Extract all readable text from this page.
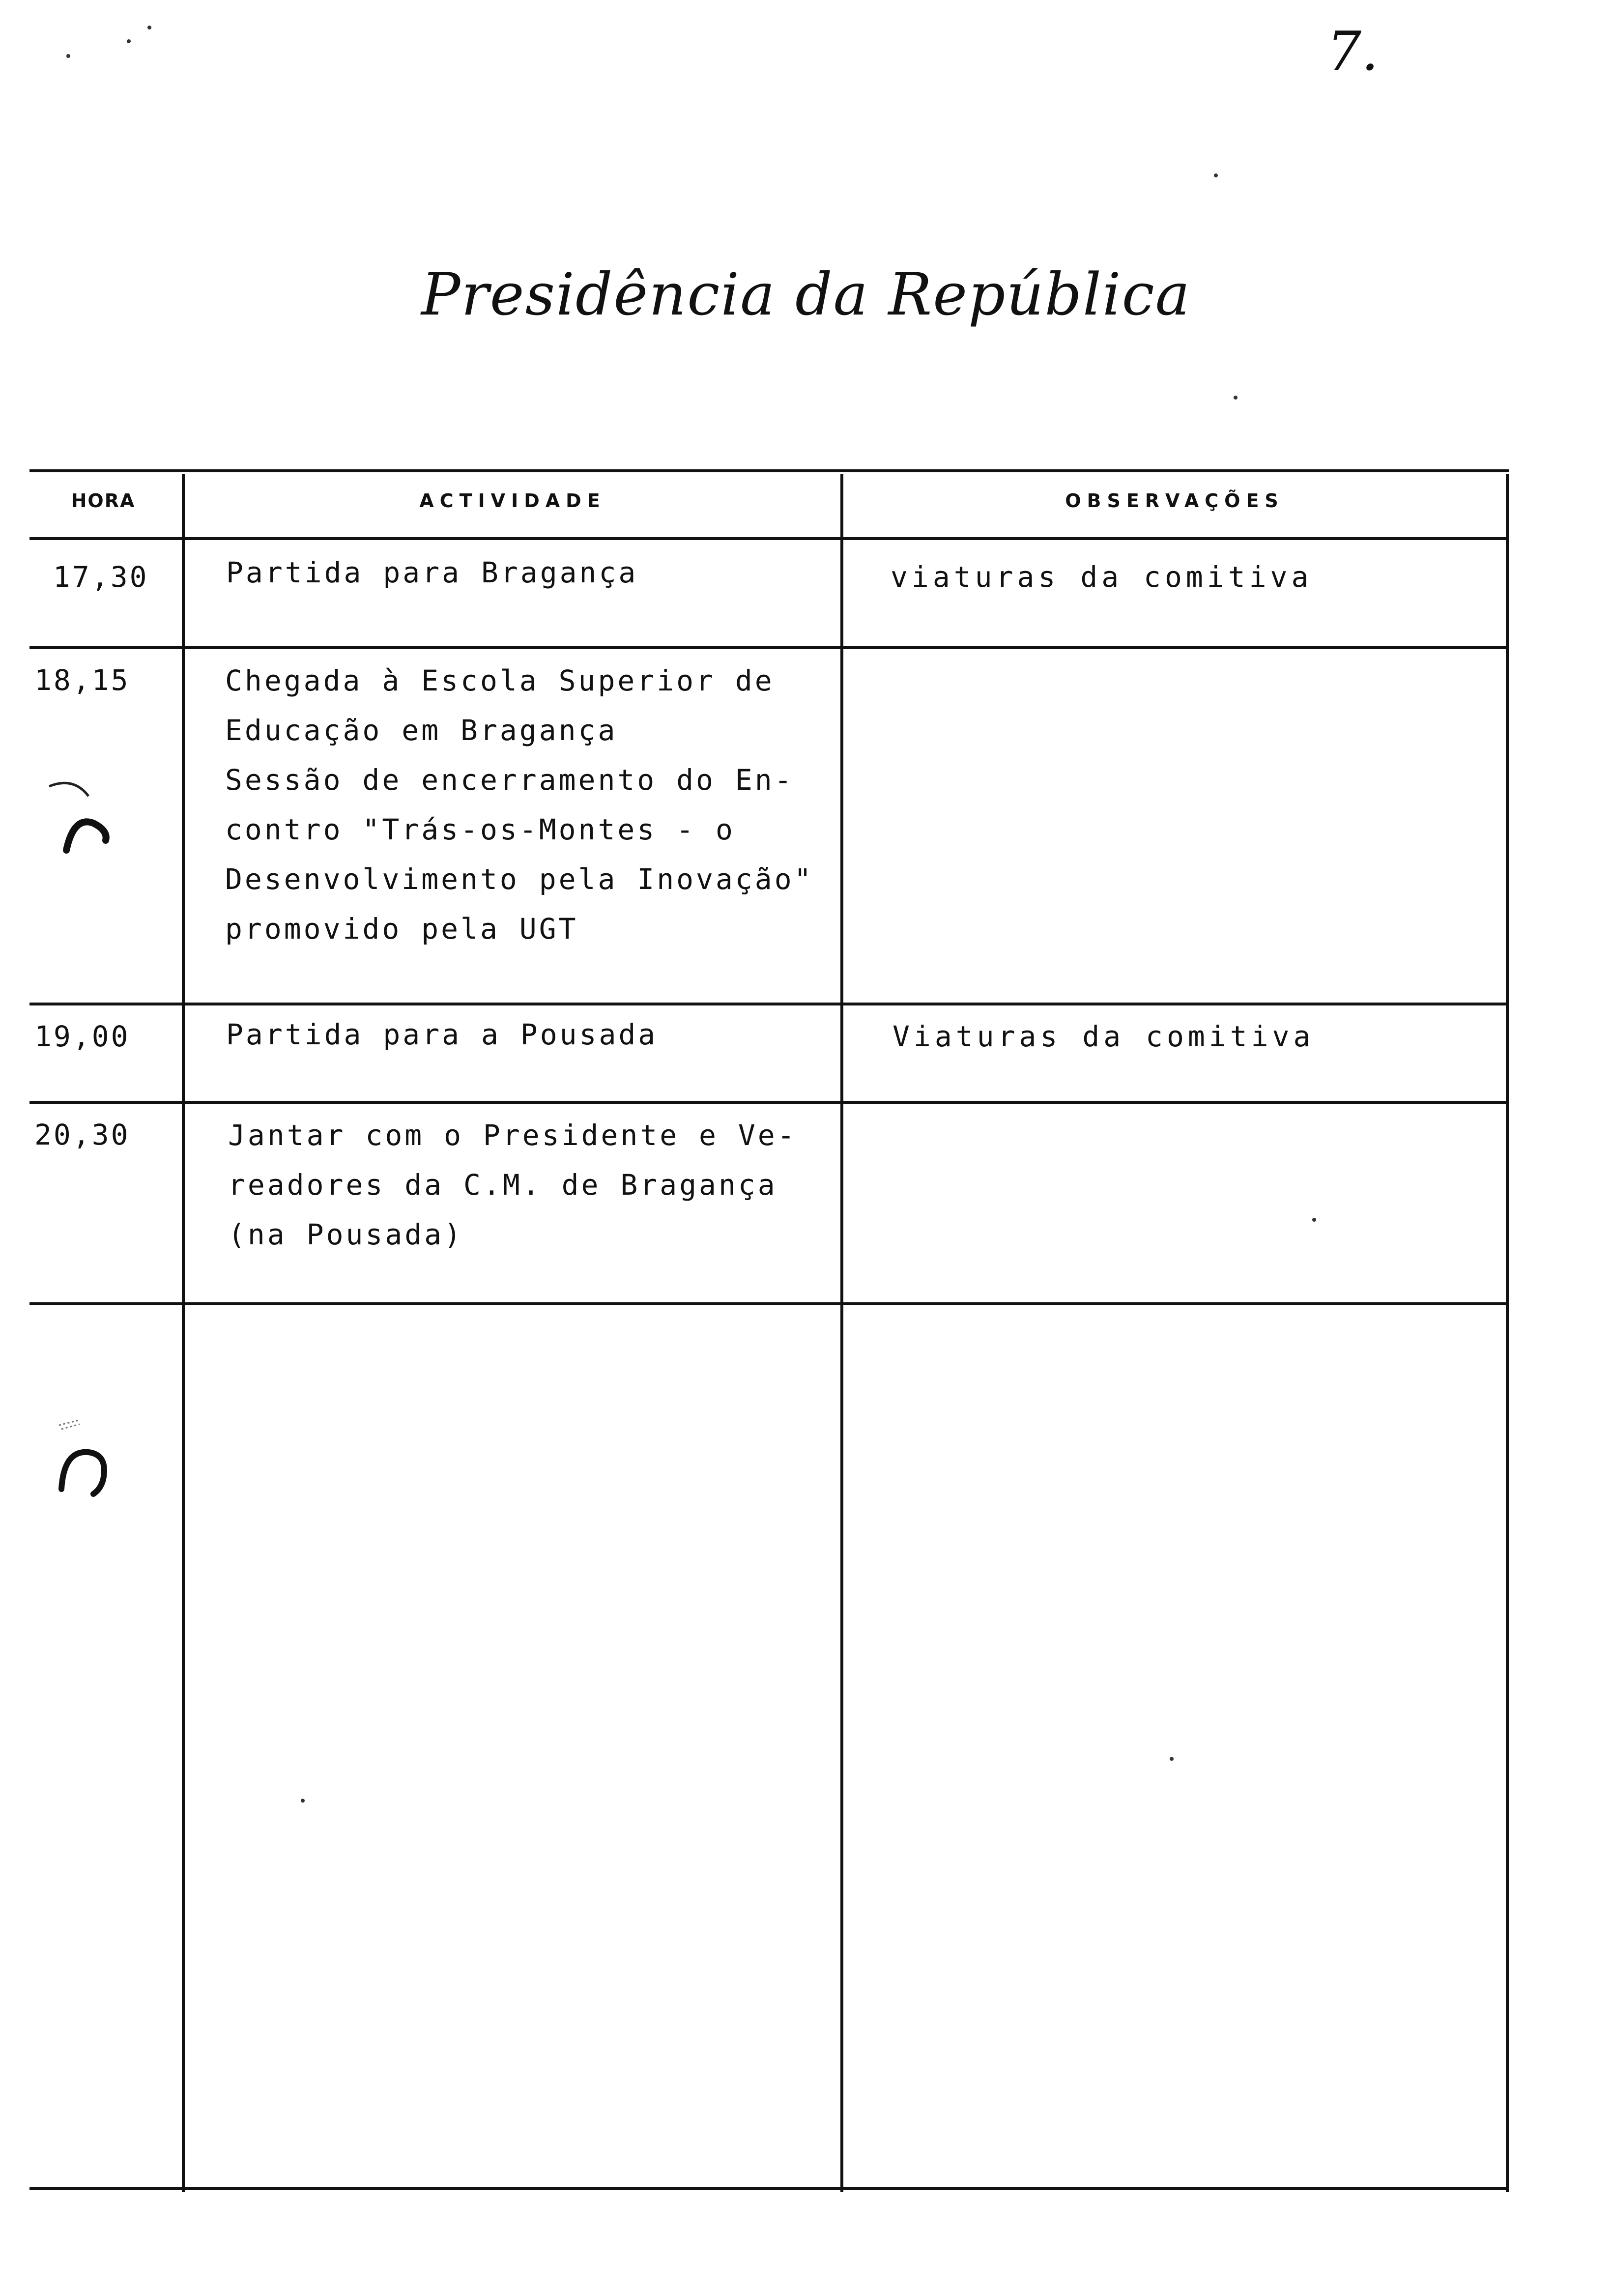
7.
Presidência da República
HORA	ACTIVIDADE	OBSERVAÇÕES
17,30	Partida para Bragança	viaturas da comitiva
18,15	Chegada à Escola Superior de
Educação em Bragança
Sessão de encerramento do En-
contro "Trás-os-Montes - o
Desenvolvimento pela Inovação"
promovido pela UGT
19,00	Partida para a Pousada	Viaturas da comitiva
20,30	Jantar com o Presidente e Ve-
readores da C.M. de Bragança
(na Pousada)
